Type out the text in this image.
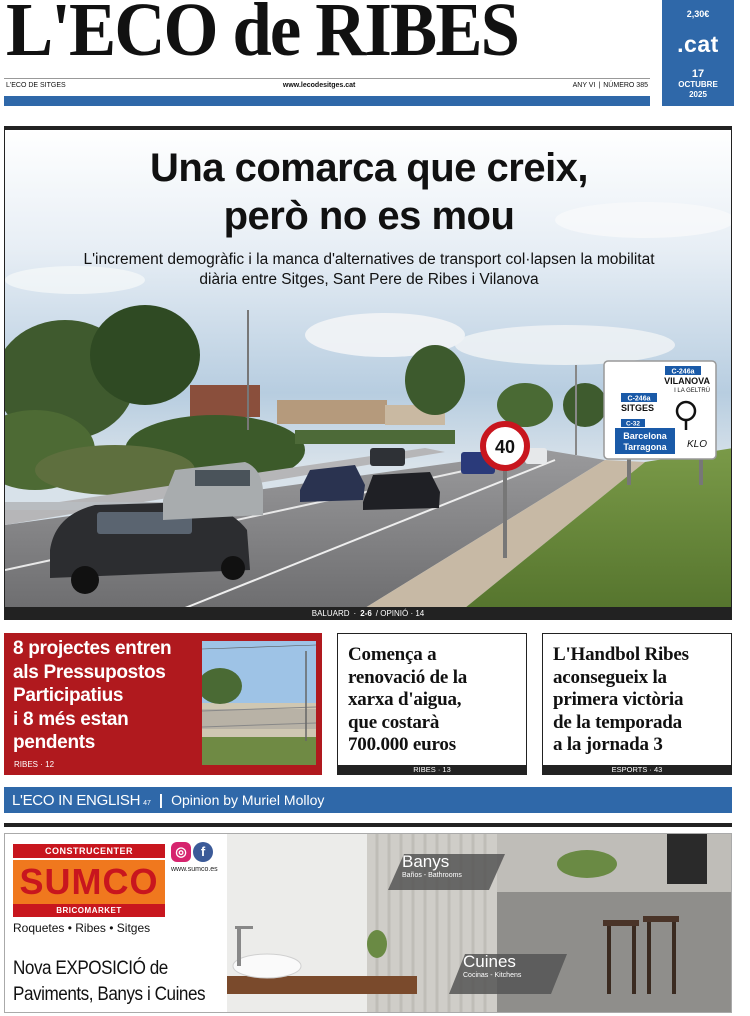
L'ECO de RIBES	2,30€
.cat
17
OCTUBRE
2025
L'ECO DE SITGES	www.lecodesitges.cat	ANY VI | NÚMERO 385
40
C-246a
VILANOVA
I LA GELTRÚ
C-246a
SITGES
C-32
Barcelona
Tarragona KLO
Una comarca que creix,
però no es mou

L'increment demogràfic i la manca d'alternatives de transport col·lapsen la mobilitat
diària entre Sitges, Sant Pere de Ribes i Vilanova

BALUARD · 2-6 / OPINIÓ · 14
8 projectes entren
als Pressupostos
Participatius
i 8 més estan
pendents
RIBES · 12
Comença a
renovació de la
xarxa d'aigua,
que costarà
700.000 euros
RIBES · 13
L'Handbol Ribes
aconsegueix la
primera victòria
de la temporada
a la jornada 3
ESPORTS · 43
L'ECO IN ENGLISH 47 | Opinion by Muriel Molloy
CONSTRUCENTER
SUMCO
BRICOMARKET
◎	f
www.sumco.es
Roquetes • Ribes • Sitges
Nova EXPOSICIÓ de
Paviments, Banys i Cuines
Banys
Baños - Bathrooms
Cuines
Cocinas - Kitchens
